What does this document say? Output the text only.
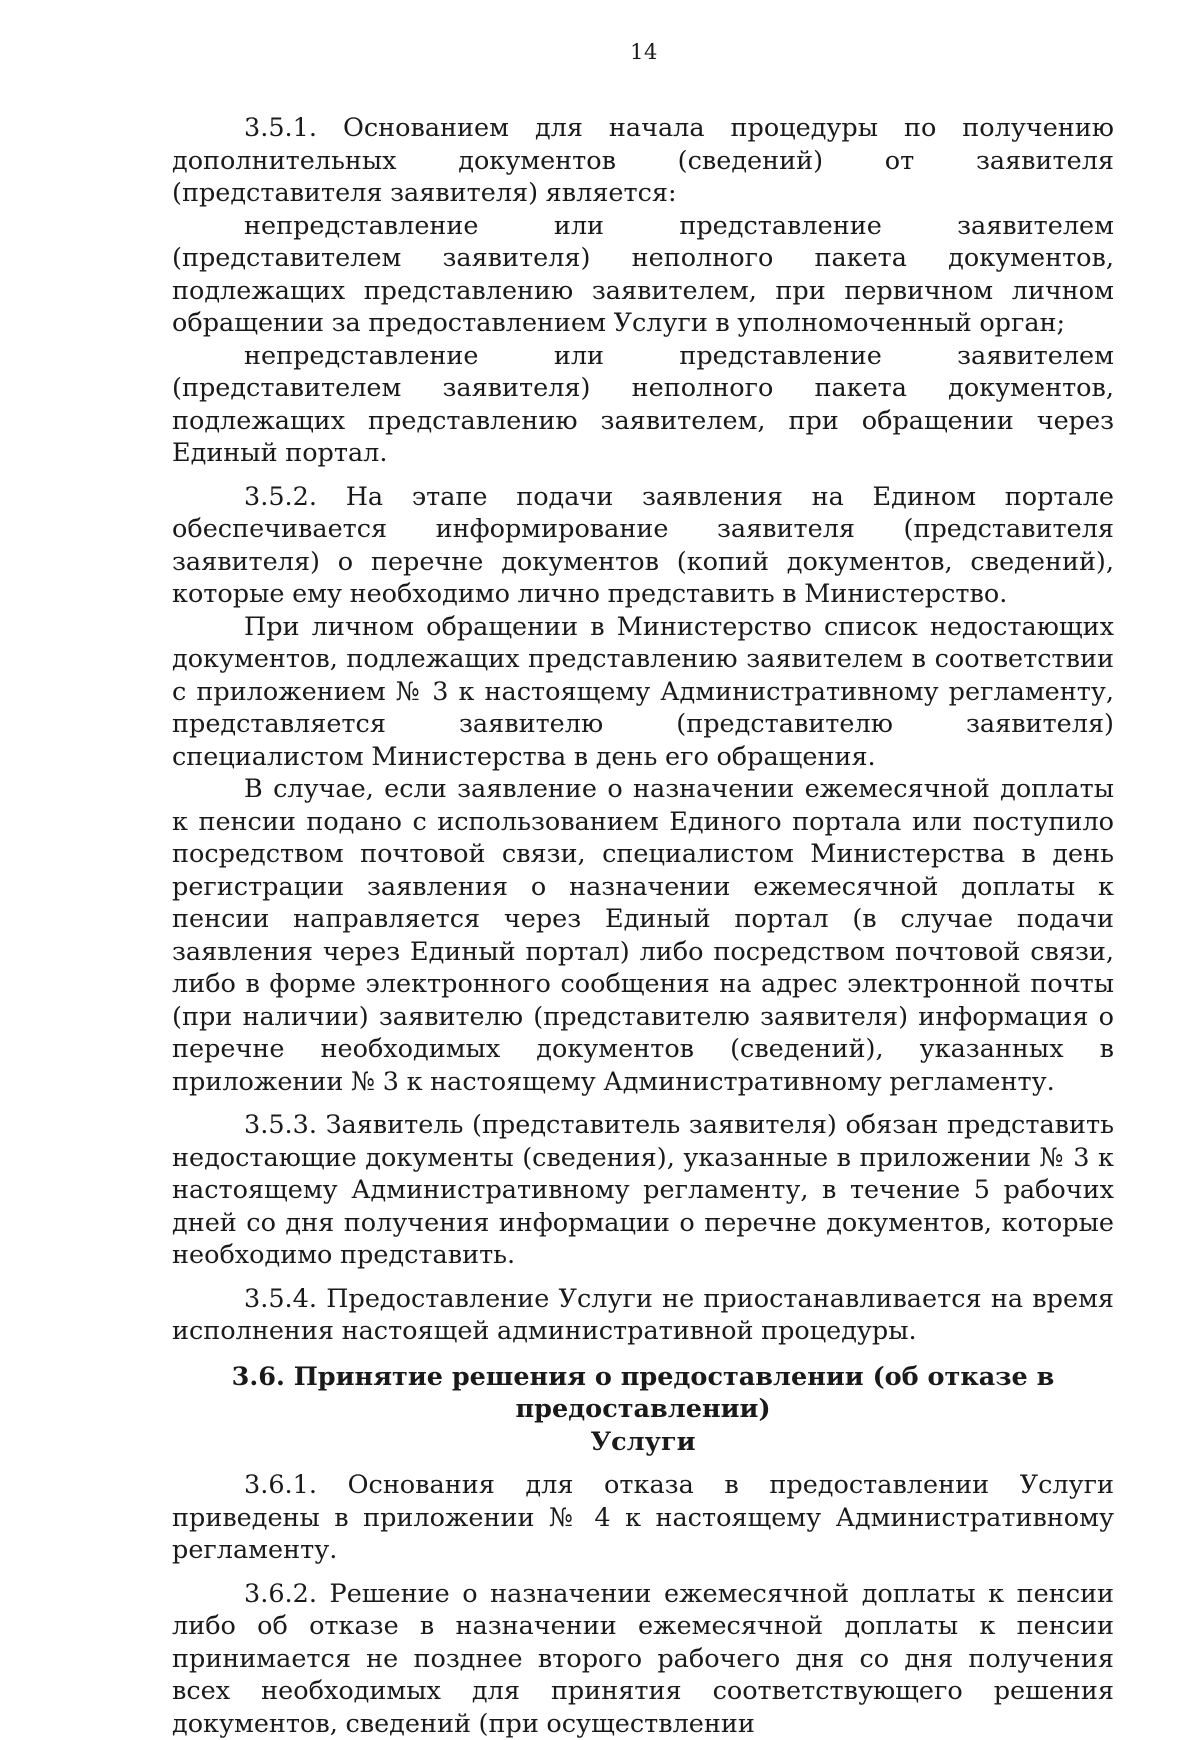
14

3.5.1. Основанием для начала процедуры по получению дополнительных документов (сведений) от заявителя (представителя заявителя) является:

непредставление или представление заявителем (представителем заявителя) неполного пакета документов, подлежащих представлению заявителем, при первичном личном обращении за предоставлением Услуги в уполномоченный орган;

непредставление или представление заявителем (представителем заявителя) неполного пакета документов, подлежащих представлению заявителем, при обращении через Единый портал.

3.5.2. На этапе подачи заявления на Едином портале обеспечивается информирование заявителя (представителя заявителя) о перечне документов (копий документов, сведений), которые ему необходимо лично представить в Министерство.

При личном обращении в Министерство список недостающих документов, подлежащих представлению заявителем в соответствии с приложением № 3 к настоящему Административному регламенту, представляется заявителю (представителю заявителя) специалистом Министерства в день его обращения.

В случае, если заявление о назначении ежемесячной доплаты к пенсии подано с использованием Единого портала или поступило посредством почтовой связи, специалистом Министерства в день регистрации заявления о назначении ежемесячной доплаты к пенсии направляется через Единый портал (в случае подачи заявления через Единый портал) либо посредством почтовой связи, либо в форме электронного сообщения на адрес электронной почты (при наличии) заявителю (представителю заявителя) информация о перечне необходимых документов (сведений), указанных в приложении № 3 к настоящему Административному регламенту.

3.5.3. Заявитель (представитель заявителя) обязан представить недостающие документы (сведения), указанные в приложении № 3 к настоящему Административному регламенту, в течение 5 рабочих дней со дня получения информации о перечне документов, которые необходимо представить.

3.5.4. Предоставление Услуги не приостанавливается на время исполнения настоящей административной процедуры.

3.6. Принятие решения о предоставлении (об отказе в предоставлении)
Услуги

3.6.1. Основания для отказа в предоставлении Услуги приведены в приложении № 4 к настоящему Административному регламенту.

3.6.2. Решение о назначении ежемесячной доплаты к пенсии либо об отказе в назначении ежемесячной доплаты к пенсии принимается не позднее второго рабочего дня со дня получения всех необходимых для принятия соответствующего решения документов, сведений (при осуществлении
